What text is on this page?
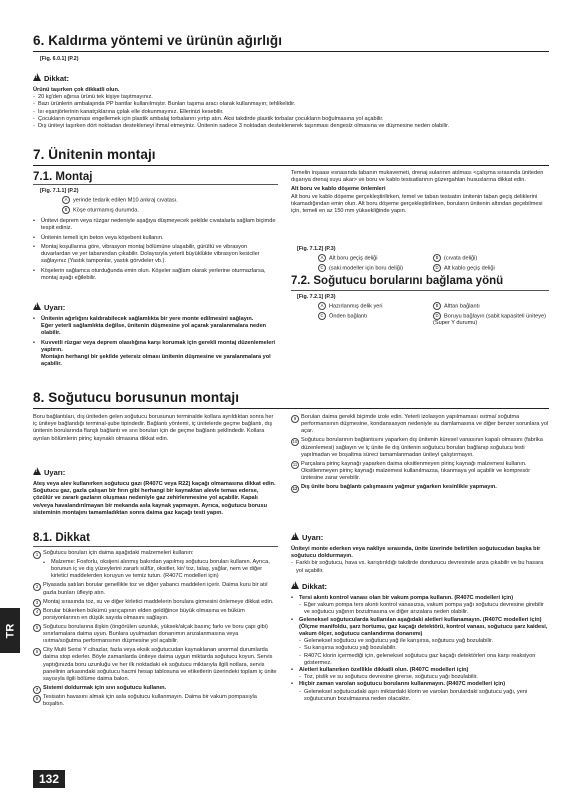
6. Kaldırma yöntemi ve ürünün ağırlığı
[Fig. 6.0.1] (P.2)
!Dikkat:
Ürünü taşırken çok dikkatli olun.
- 20 kg'den ağırsa ürünü tek kişiye taşıtmayınız.
- Bazı ürünlerin ambalajında PP bantlar kullanılmıştır. Bunları taşıma aracı olarak kullanmayın; tehlikelidir.
- Isı eşanjörlerinin kanatçıklarına çplak elle dokunmayınız. Ellerinizi kesebilir.
- Çocukların oynaması engellemek için plastik ambalaj torbalarını yırtıp atın. Aksi takdirde plastik torbalar çocukların boğulmasına yol açabilir.
- Dış üniteyi taşırken dört noktadan destekleneyi ihmal etmeyiniz. Ünitenin sadece 3 noktadan desteklenerek taşınması dengesiz olmasına ve düşmesine neden olabilir.
7. Ünitenin montajı
7.1. Montaj
[Fig. 7.1.1] (P.2)
A yerinde tedarik edilen M10 ankraj cıvatası.
B Köşe oturmamış durumda.
• Ünitevi deprem veya rüzgar nedeniyle aşağıya düşmeyecek şekilde cıvatalarla sağlam biçimde tespit ediniz.
• Ünitenin temeli için beton veya köşebent kullanın.
• Montaj koşullarına göre, vibrasyon montaj bölümüne ulaşabilir, gürültü ve vibrasyon duvarlardan ve yer tabanından çıkabilir. Dolayısıyla yeterli büyüklükte vibrasyon kesiciler sağlayınız (Yastık tamponlar, yastık görvdeler vb.).
• Köşelerin sağlamca oturduğunda emin olun. Köşeler sağlam olarak yerlerine oturmazlarsa, montaj ayağı eğilebilir.
!Uyarı:
• Ünitenin ağırlığını kaldırabilecek sağlamlıkta bir yere monte edilmesini sağlayın.
Eğer yeterli sağlamlıkta değilse, ünitenin düşmesine yol açarak yaralanmalara neden olabilir.
• Kuvvetli rüzgar veya deprem olasılığına karşı korumak için gerekli montaj düzenlemeleri yaptırın.
Montajın herhangi bir şekilde yetersiz olması ünitenin düşmesine ve yaralanmalara yol açabilir.
Temelin inşaası esnasında tabanın mukavemeti, drenaj sularının atılması <çalışma sırasında üniteden dışarıya drenaj suyu akar> ve boru ve kablo tesisatlarının güzergahları hususlarına dikkat edin.
Alt boru ve kablo döşeme önlemleri
Alt boru ve kablo döşeme gerçekleştirilirken, temel ve taban tesisatın ünitenin taban geçiş deliklerini tıkamadığından emin olun. Alt boru döşeme gerçekleştirilirken, boruların ünitenin altından geçebilmesi için, temeli en az 150 mm yüksekliğinde yapın.
[Fig. 7.1.2] (P.3)
A Alt boru geçiş deliği	B (cıvata deliği)
C (saki modeller için boru deliği)	D Alt kablo geçiş deliği
7.2. Soğutucu borularını bağlama yönü
[Fig. 7.2.1] (P.3)
A Hazırlanmış delik yeri	B Alttan bağlantı
C Önden bağlantı	D Boruyu bağlayın (sabit kapasiteli üniteye) (Super Y durumu)
8. Soğutucu borusunun montajı
Boru bağlantıları, dış üniteden gelen soğutucu borusunun terminalde kollara ayrıldıktan sonra her iç üniteye bağlandığı terminal-şube tipindedir. Bağlantı yöntemi, iç ünitelerde geçme bağlantı, dış ünitenin borularında flanşlı bağlantı ve sıvı boruları için de geçme bağlantı şeklindedir. Kollara ayrılan bölümlerin pirinç kaynaklı olmasına dikkat edin.
!Uyarı:
Ateş veya alev kullanırken soğutucu gazı (R407C veya R22) kaçağı olmamasına dikkat edin. Soğutucu gaz, gazla çalışan bir fırın gibi herhangi bir kaynaktan alevle temas ederse, çözülür ve zararlı gazların oluşması nedeniyle gaz zehirlenmesine yol açabilir. Kapalı ve/veya havalandırılmayan bir mekanda asla kaynak yapmayın. Ayrıca, soğutucu borusu sisteminin montajını tamamladıktan sonra daima gaz kaçağı testi yapın.
8.1. Dikkat
1 Soğutucu boruları için daima aşağıdaki malzemeleri kullanın:
• Malzeme: Fosforlu, oksijeni alınmış bakırdan yapılmış soğutucu boruları kullanın. Ayrıca, borunun iç ve dış yüzeylerini zararlı sülfür, oksitler, kir/ toz, talaş, yağlar, nem ve diğer kirletici maddelerden koruyun ve temiz tutun. (R407C modelleri için)
2 Piyasada satılan borular genellikle toz ve diğer yabancı maddeleri içerir. Daima kuru bir atıl gazla bunları üfleyip atın.
3 Montaj sırasında toz, su ve diğer kirletici maddelerin borulara girmesini önlemeye dikkat edin.
4 Borular bükerken bükümü yarıçapının elden geldiğince büyük olmasına ve büküm porsiyonlarının en düşük sayıda olmasını sağlayın.
5 Soğutucu borularına ilişkin (öngörülen uzunluk, yüksek/alçak basınç farkı ve boru çapı gibi) sınırlamalara daima uyun. Bunlara uyulmadan donanımın arızalanmasına veya ısıtma/soğutma performansının düşmesine yol açabilir.
6 City Multi Serisi Y cihazlar, fazla veya eksik soğutucudan kaynaklanan anormal durumlarda daima stop ederler. Böyle zamanlarda üniteye daima uygun miktarda soğutucu koyun. Servis yaptığınızda boru uzunluğu ve her ilk noktadaki ek soğutucu miktarıyla ilgili notlara, servis panelinin arkasındaki soğutucu hacmi hesap tablosuna ve etiketlerin üzerindeki toplam iç ünite sayısıyla ilgili bölüme daima bakın.
7 Sistemi doldurmak için sıvı soğutucu kullanın.
8 Tesisatın havasını almak için asla soğutucu kullanmayın. Daima bir vakum pompasıyla boşaltın.
9 Boruları daima gerekli biçimde izole edin. Yeterli izolasyon yapılmaması ısıtma/ soğutma performansının düşmesine, kondansasyon nedeniyle su damlamasına ve diğer benzer sorunlara yol açar.
10 Soğutucu borularının bağlantısını yaparken dış ünitenin küresel vanasının kapalı olmasını (fabrika düzenlemesi) sağlayın ve iç ünite ile dış ünitenin soğutucu boruları bağlanıp soğutucu testi yapılmadan ve boşaltma süreci tamamlanmadan üniteyi çalıştırmayın.
11 Parçalara pirinç kaynağı yaparken daima oksitlenmeyen pirinç kaynağı malzemesi kullanın. Oksitlenmeyen pirinç kaynağı malzemesi kullanılmazsa, tıkanmaya yol açabilir ve kompresör ünitesine zarar verebilir.
12 Dış ünite boru bağlantı çalışmasını yağmur yağarken kesinlikle yapmayın.
!Uyarı:
Üniteyi monte ederken veya nakliye sırasında, ünite üzerinde belirtilen soğutucudan başka bir soğutucu doldurmayın.
- Farklı bir soğutucu, hava vs. karıştırıldığı takdirde dondurucu devresinde anza çıkabilir ve bu hasara yol açabilir.
!Dikkat:
• Tersi akıntı kontrol vanası olan bir vakum pompa kullanın. (R407C modelleri için)
- Eğer vakum pompa ters akıntı kontrol vanasızsa, vakum pompa yağı soğutucu devresine girebilir ve soğutucu yağının bozulmasına ve diğer arızalara neden olabilir.
• Geleneksel soğutucularda kullanılan aşağıdaki aletleri kullanamayın. (R407C modelleri için)
(Ölçme manifoldu, şarz hortumu, gaz kaçağı detektörü, kontrol vanası, soğutucu şarz kaidesi, vakum ölçer, soğutucu canlandırma donanımı)
- Geleneksel soğutucu ve soğutucu yağ ile karışırsa, soğutucu yağ bozulabilir.
- Su karışırsa soğutucu yağ bozulabilir.
- R407C klorin içermediği için, geleneksel soğutucu gaz kaçağı detektörleri ona karşı reaksiyon göstermez.
• Aletleri kullanırken özellikle dikkatli olun. (R407C modelleri için)
- Toz, pislik ve su soğutucu devresine girerse, soğutucu yağı bozulabilir.
• Hiçbir zaman varolan soğutucu borularını kullanmayın. (R407C modelleri için)
- Geleneksel soğutucudaki aşırı miktardaki klorin ve varolan borulardaki soğutucu yağı, yeni soğutucunun bozulmasına neden olacaktır.
TR
132
